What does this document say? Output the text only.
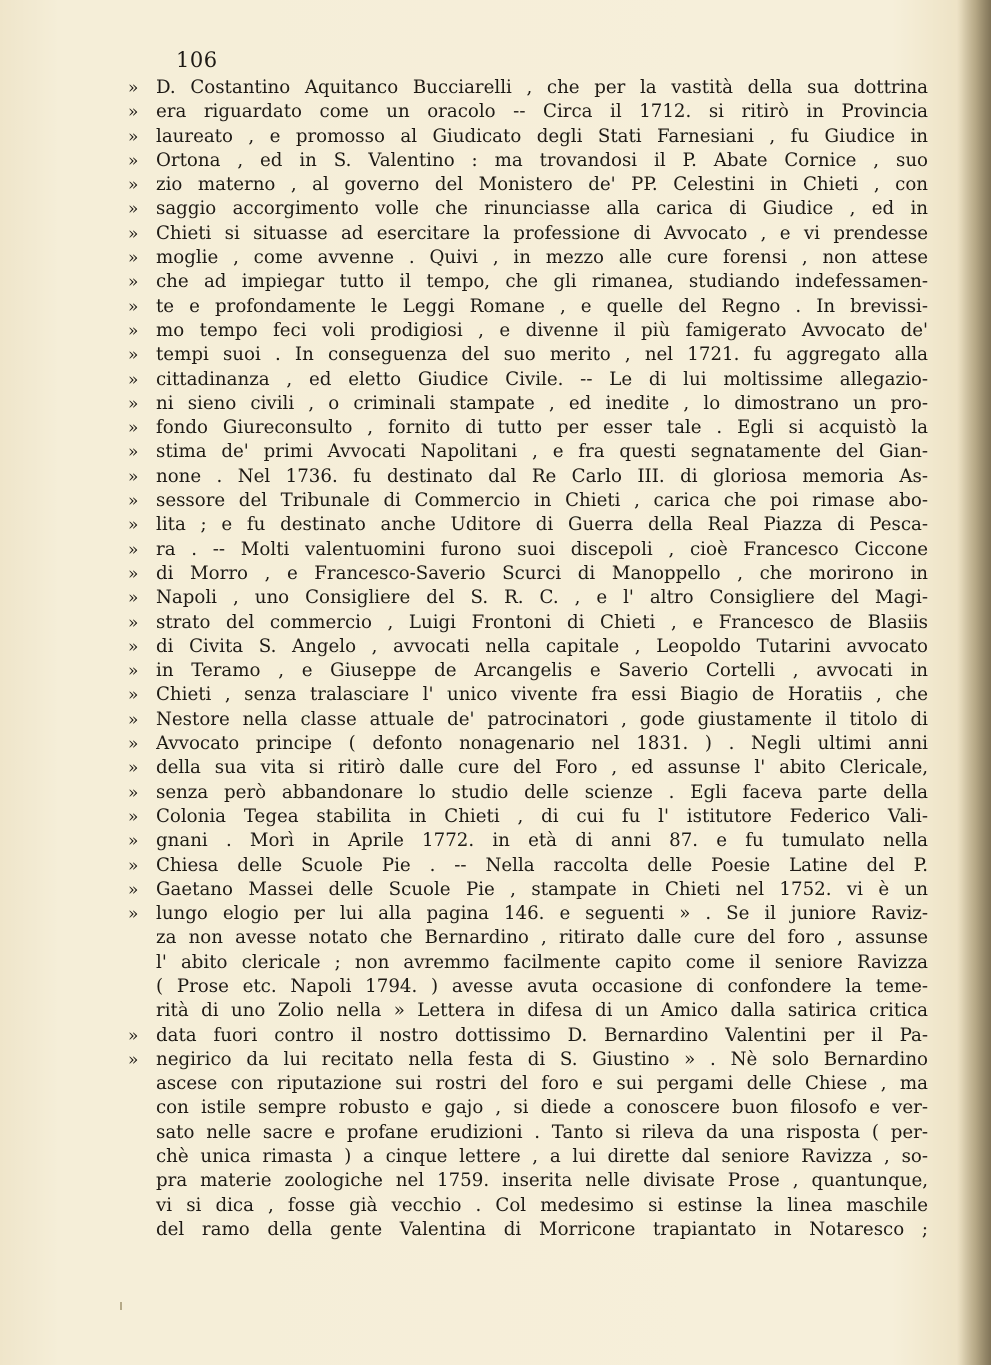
106
» D. Costantino Aquitanco Bucciarelli , che per la vastità della sua dottrina
» era riguardato come un oracolo -- Circa il 1712. si ritirò in Provincia
» laureato , e promosso al Giudicato degli Stati Farnesiani , fu Giudice in
» Ortona , ed in S. Valentino : ma trovandosi il P. Abate Cornice , suo
» zio materno , al governo del Monistero de' PP. Celestini in Chieti , con
» saggio accorgimento volle che rinunciasse alla carica di Giudice , ed in
» Chieti si situasse ad esercitare la professione di Avvocato , e vi prendesse
» moglie , come avvenne . Quivi , in mezzo alle cure forensi , non attese
» che ad impiegar tutto il tempo, che gli rimanea, studiando indefessamen-
» te e profondamente le Leggi Romane , e quelle del Regno . In brevissi-
» mo tempo feci voli prodigiosi , e divenne il più famigerato Avvocato de'
» tempi suoi . In conseguenza del suo merito , nel 1721. fu aggregato alla
» cittadinanza , ed eletto Giudice Civile. -- Le di lui moltissime allegazio-
» ni sieno civili , o criminali stampate , ed inedite , lo dimostrano un pro-
» fondo Giureconsulto , fornito di tutto per esser tale . Egli si acquistò la
» stima de' primi Avvocati Napolitani , e fra questi segnatamente del Gian-
» none . Nel 1736. fu destinato dal Re Carlo III. di gloriosa memoria As-
» sessore del Tribunale di Commercio in Chieti , carica che poi rimase abo-
» lita ; e fu destinato anche Uditore di Guerra della Real Piazza di Pesca-
» ra . -- Molti valentuomini furono suoi discepoli , cioè Francesco Ciccone
» di Morro , e Francesco-Saverio Scurci di Manoppello , che morirono in
» Napoli , uno Consigliere del S. R. C. , e l' altro Consigliere del Magi-
» strato del commercio , Luigi Frontoni di Chieti , e Francesco de Blasiis
» di Civita S. Angelo , avvocati nella capitale , Leopoldo Tutarini avvocato
» in Teramo , e Giuseppe de Arcangelis e Saverio Cortelli , avvocati in
» Chieti , senza tralasciare l' unico vivente fra essi Biagio de Horatiis , che
» Nestore nella classe attuale de' patrocinatori , gode giustamente il titolo di
» Avvocato principe ( defonto nonagenario nel 1831. ) . Negli ultimi anni
» della sua vita si ritirò dalle cure del Foro , ed assunse l' abito Clericale,
» senza però abbandonare lo studio delle scienze . Egli faceva parte della
» Colonia Tegea stabilita in Chieti , di cui fu l' istitutore Federico Vali-
» gnani . Morì in Aprile 1772. in età di anni 87. e fu tumulato nella
» Chiesa delle Scuole Pie . -- Nella raccolta delle Poesie Latine del P.
» Gaetano Massei delle Scuole Pie , stampate in Chieti nel 1752. vi è un
» lungo elogio per lui alla pagina 146. e seguenti » . Se il juniore Raviz-
za non avesse notato che Bernardino , ritirato dalle cure del foro , assunse
l' abito clericale ; non avremmo facilmente capito come il seniore Ravizza
( Prose etc. Napoli 1794. ) avesse avuta occasione di confondere la teme-
rità di uno Zolio nella » Lettera in difesa di un Amico dalla satirica critica
» data fuori contro il nostro dottissimo D. Bernardino Valentini per il Pa-
» negirico da lui recitato nella festa di S. Giustino » . Nè solo Bernardino
ascese con riputazione sui rostri del foro e sui pergami delle Chiese , ma
con istile sempre robusto e gajo , si diede a conoscere buon filosofo e ver-
sato nelle sacre e profane erudizioni . Tanto si rileva da una risposta ( per-
chè unica rimasta ) a cinque lettere , a lui dirette dal seniore Ravizza , so-
pra materie zoologiche nel 1759. inserita nelle divisate Prose , quantunque,
vi si dica , fosse già vecchio . Col medesimo si estinse la linea maschile
del ramo della gente Valentina di Morricone trapiantato in Notaresco ;
